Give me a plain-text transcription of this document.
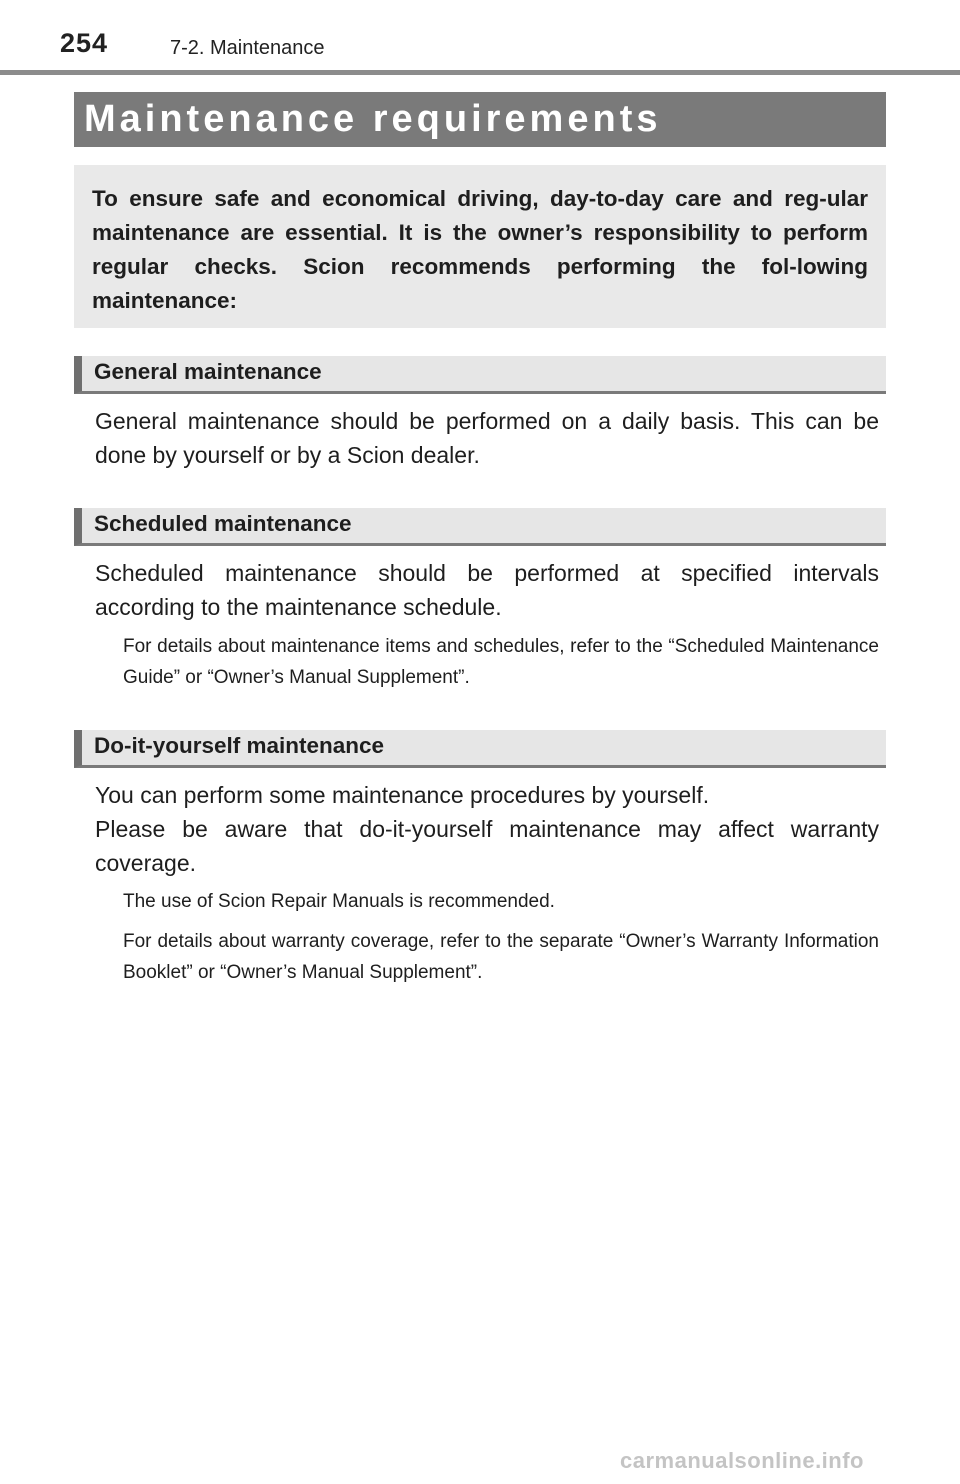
254	7-2. Maintenance
Maintenance requirements

To ensure safe and economical driving, day-to-day care and reg-ular maintenance are essential. It is the owner’s responsibility to perform regular checks. Scion recommends performing the fol-lowing maintenance:

General maintenance

General maintenance should be performed on a daily basis. This can be done by yourself or by a Scion dealer.

Scheduled maintenance

Scheduled maintenance should be performed at specified intervals according to the maintenance schedule.

For details about maintenance items and schedules, refer to the “Scheduled Maintenance Guide” or “Owner’s Manual Supplement”.

Do-it-yourself maintenance

You can perform some maintenance procedures by yourself.

Please be aware that do-it-yourself maintenance may affect warranty coverage.

The use of Scion Repair Manuals is recommended.

For details about warranty coverage, refer to the separate “Owner’s Warranty Information Booklet” or “Owner’s Manual Supplement”.

carmanualsonline.info
